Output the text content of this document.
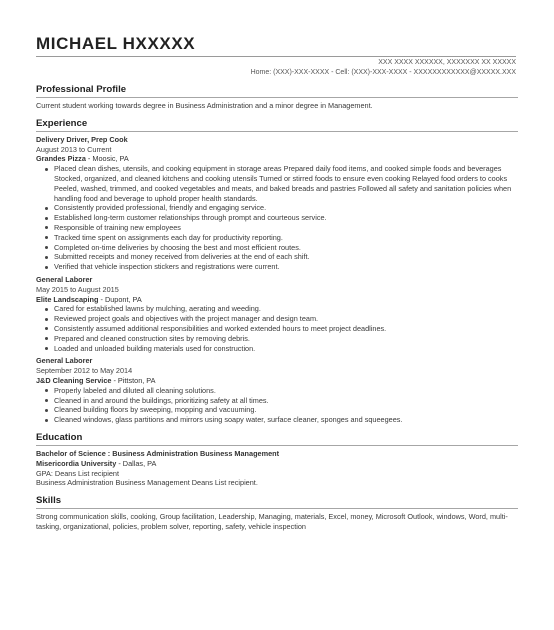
MICHAEL HXXXXX
XXX XXXX XXXXXX, XXXXXXX XX XXXXX
Home: (XXX)-XXX-XXXX - Cell: (XXX)-XXX-XXXX - XXXXXXXXXXXX@XXXXX.XXX
Professional Profile

Current student working towards degree in Business Administration and a minor degree in Management.

Experience
Delivery Driver, Prep Cook
August 2013 to Current
Grandes Pizza - Moosic, PA
Placed clean dishes, utensils, and cooking equipment in storage areas Prepared daily food items, and cooked simple foods and beverages Stocked, organized, and cleaned kitchens and cooking utensils Turned or stirred foods to ensure even cooking Relayed food orders to cooks Peeled, washed, trimmed, and cooked vegetables and meats, and baked breads and pastries Followed all safety and sanitation policies when handling food and beverage to uphold proper health standards.
Consistently provided professional, friendly and engaging service.
Established long-term customer relationships through prompt and courteous service.
Responsible of training new employees
Tracked time spent on assignments each day for productivity reporting.
Completed on-time deliveries by choosing the best and most efficient routes.
Submitted receipts and money received from deliveries at the end of each shift.
Verified that vehicle inspection stickers and registrations were current.
General Laborer
May 2015 to August 2015
Elite Landscaping - Dupont, PA
Cared for established lawns by mulching, aerating and weeding.
Reviewed project goals and objectives with the project manager and design team.
Consistently assumed additional responsibilities and worked extended hours to meet project deadlines.
Prepared and cleaned construction sites by removing debris.
Loaded and unloaded building materials used for construction.
General Laborer
September 2012 to May 2014
J&D Cleaning Service - Pittston, PA
Properly labeled and diluted all cleaning solutions.
Cleaned in and around the buildings, prioritizing safety at all times.
Cleaned building floors by sweeping, mopping and vacuuming.
Cleaned windows, glass partitions and mirrors using soapy water, surface cleaner, sponges and squeegees.
Education
Bachelor of Science : Business Administration Business Management
Misericordia University - Dallas, PA
GPA: Deans List recipient
Business Administration Business Management Deans List recipient.
Skills

Strong communication skills, cooking, Group facilitation, Leadership, Managing, materials, Excel, money, Microsoft Outlook, windows, Word, multi-tasking, organizational, policies, problem solver, reporting, safety, vehicle inspection
